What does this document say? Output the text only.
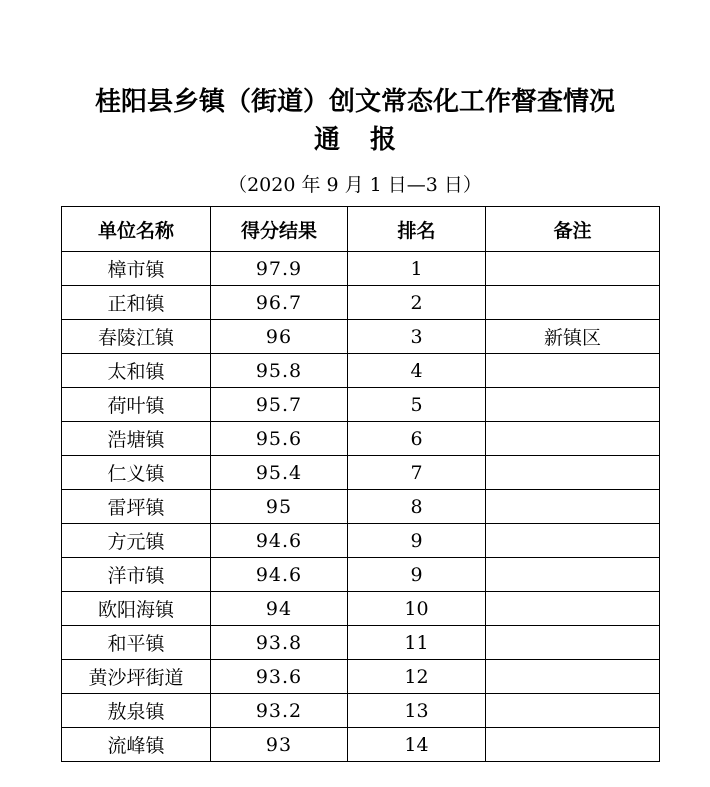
桂阳县乡镇（街道）创文常态化工作督查情况
通报
（2020 年 9 月 1 日—3 日）
单位名称	得分结果	排名	备注
樟市镇	97.9	1	
正和镇	96.7	2	
春陵江镇	96	3	新镇区
太和镇	95.8	4	
荷叶镇	95.7	5	
浩塘镇	95.6	6	
仁义镇	95.4	7	
雷坪镇	95	8	
方元镇	94.6	9	
洋市镇	94.6	9	
欧阳海镇	94	10	
和平镇	93.8	11	
黄沙坪街道	93.6	12	
敖泉镇	93.2	13	
流峰镇	93	14	
